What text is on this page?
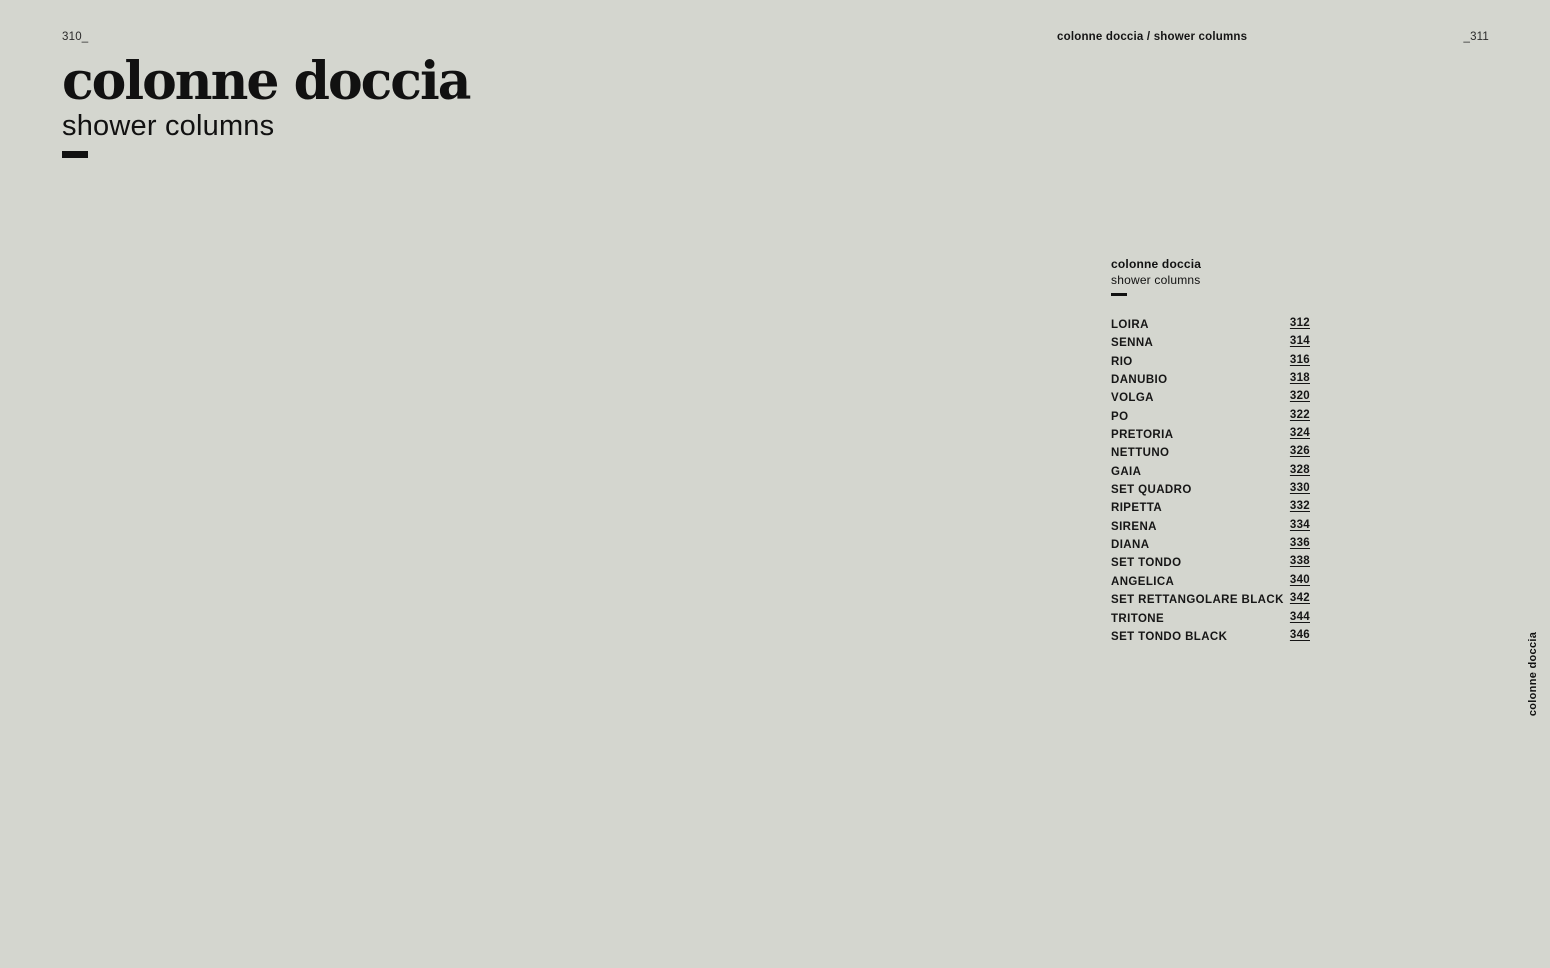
310_	colonne doccia / shower columns	_311
colonne doccia

shower columns

colonne doccia
shower columns
LOIRA	312
SENNA	314
RIO	316
DANUBIO	318
VOLGA	320
PO	322
PRETORIA	324
NETTUNO	326
GAIA	328
SET QUADRO	330
RIPETTA	332
SIRENA	334
DIANA	336
SET TONDO	338
ANGELICA	340
SET RETTANGOLARE BLACK 342
TRITONE	344
SET TONDO BLACK	346	colonne doccia
